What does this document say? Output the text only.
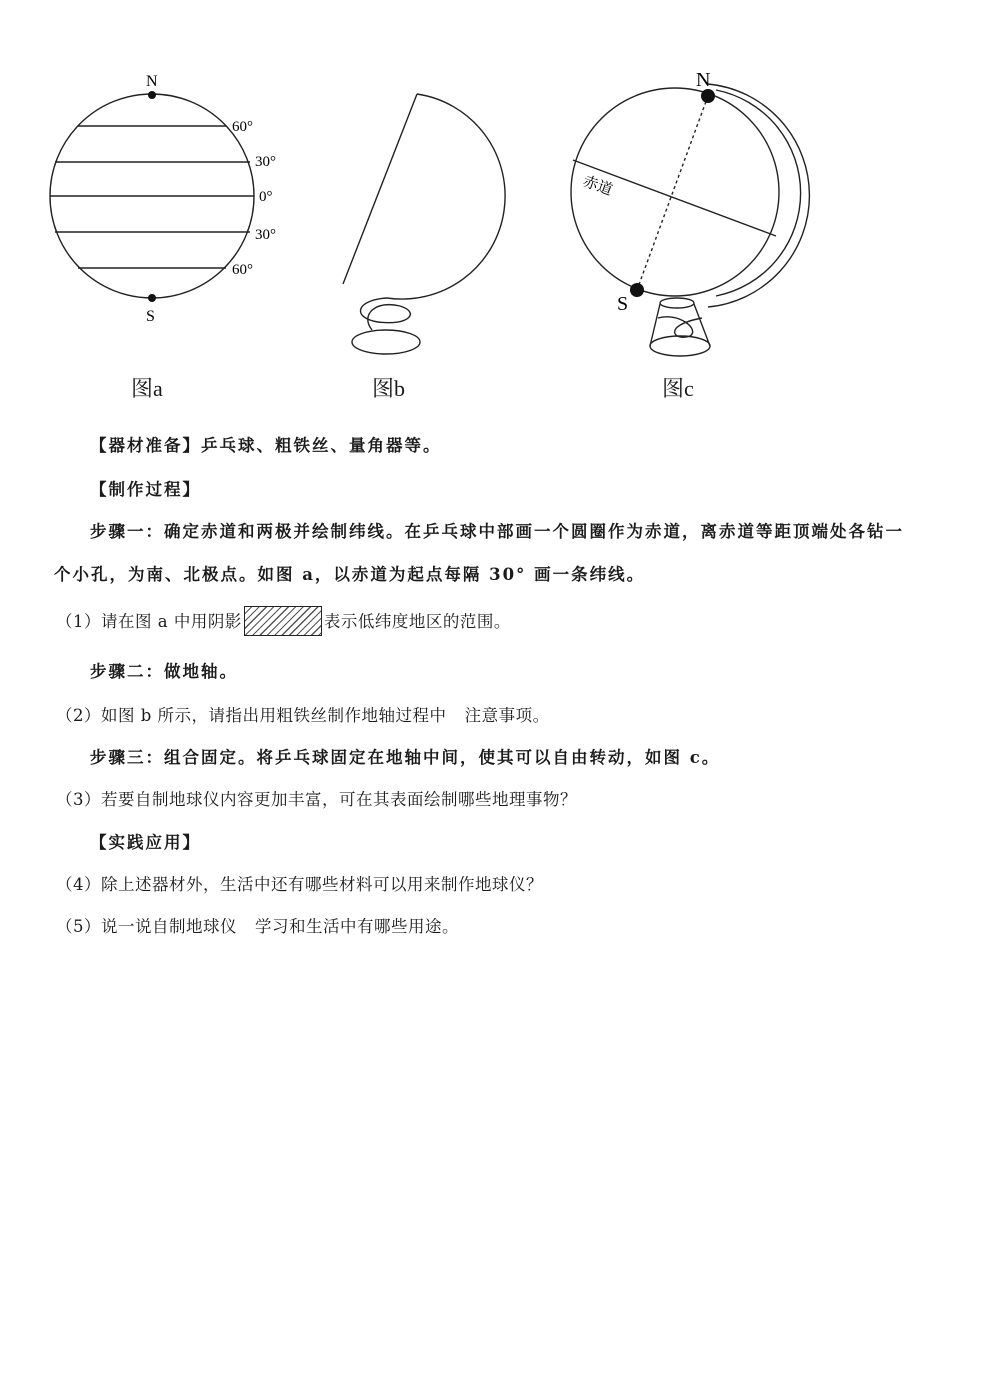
N
S
60°
30°
0°
30°
60°
N
S
赤道
图a	图b	图c
【器材准备】乒乓球、粗铁丝、量角器等。
【制作过程】
步骤一：确定赤道和两极并绘制纬线。在乒乓球中部画一个圆圈作为赤道，离赤道等距顶端处各钻一
个小孔，为南、北极点。如图 a，以赤道为起点每隔 30° 画一条纬线。
（1）请在图 a 中用阴影	表示低纬度地区的范围。
步骤二：做地轴。
（2）如图 b 所示，请指出用粗铁丝制作地轴过程中 注意事项。
步骤三：组合固定。将乒乓球固定在地轴中间，使其可以自由转动，如图 c。
（3）若要自制地球仪内容更加丰富，可在其表面绘制哪些地理事物？
【实践应用】
（4）除上述器材外，生活中还有哪些材料可以用来制作地球仪？
（5）说一说自制地球仪 学习和生活中有哪些用途。
